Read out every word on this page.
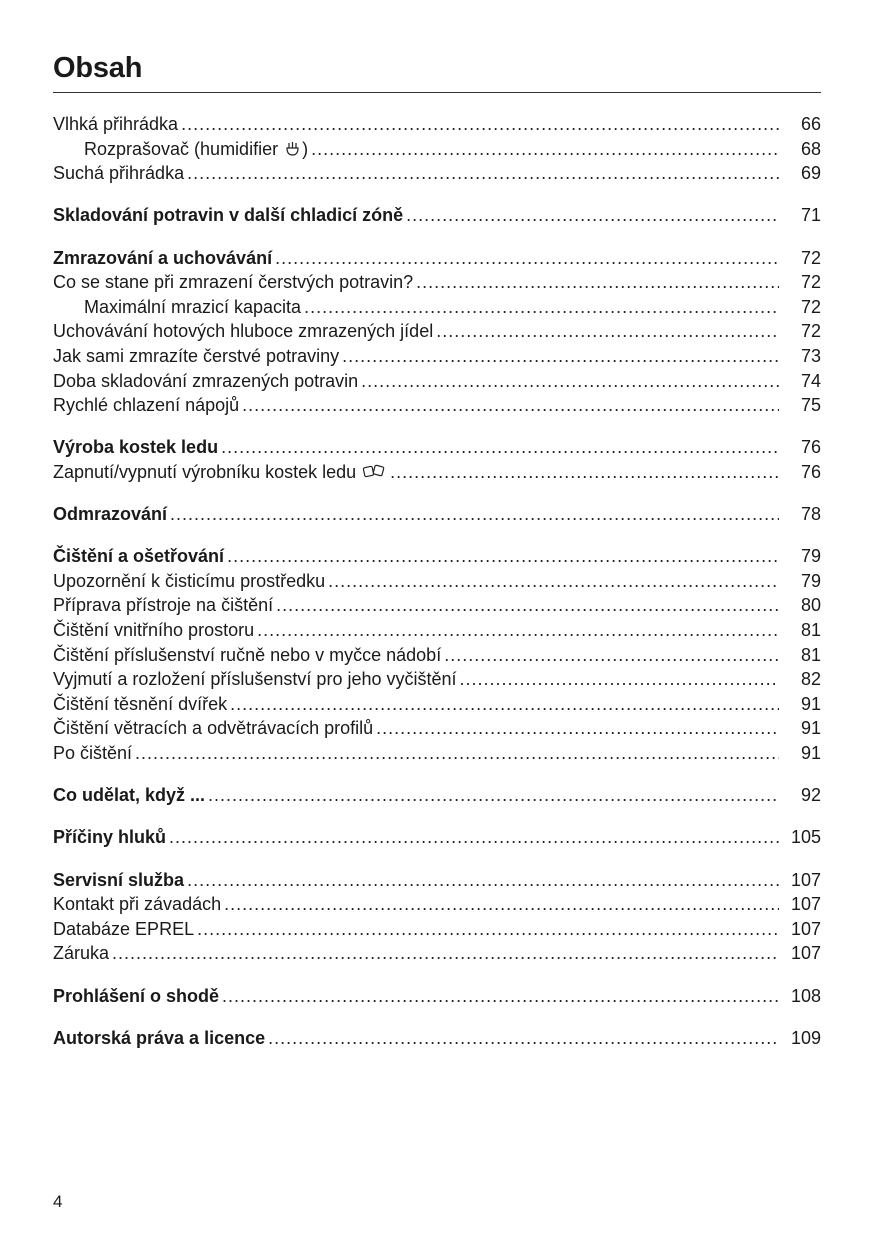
Obsah
Vlhká přihrádka .....	66
Rozprašovač (humidifier ) .....	68
Suchá přihrádka .....	69
Skladování potravin v další chladicí zóně .....	71
Zmrazování a uchovávání .....	72
Co se stane při zmrazení čerstvých potravin? .....	72
Maximální mrazicí kapacita .....	72
Uchovávání hotových hluboce zmrazených jídel .....	72
Jak sami zmrazíte čerstvé potraviny .....	73
Doba skladování zmrazených potravin .....	74
Rychlé chlazení nápojů .....	75
Výroba kostek ledu .....	76
Zapnutí/vypnutí výrobníku kostek ledu .....	76
Odmrazování .....	78
Čištění a ošetřování .....	79
Upozornění k čisticímu prostředku .....	79
Příprava přístroje na čištění .....	80
Čištění vnitřního prostoru .....	81
Čištění příslušenství ručně nebo v myčce nádobí .....	81
Vyjmutí a rozložení příslušenství pro jeho vyčištění .....	82
Čištění těsnění dvířek .....	91
Čištění větracích a odvětrávacích profilů .....	91
Po čištění .....	91
Co udělat, když ... .....	92
Příčiny hluků .....	105
Servisní služba .....	107
Kontakt při závadách .....	107
Databáze EPREL .....	107
Záruka .....	107
Prohlášení o shodě .....	108
Autorská práva a licence .....	109
4
